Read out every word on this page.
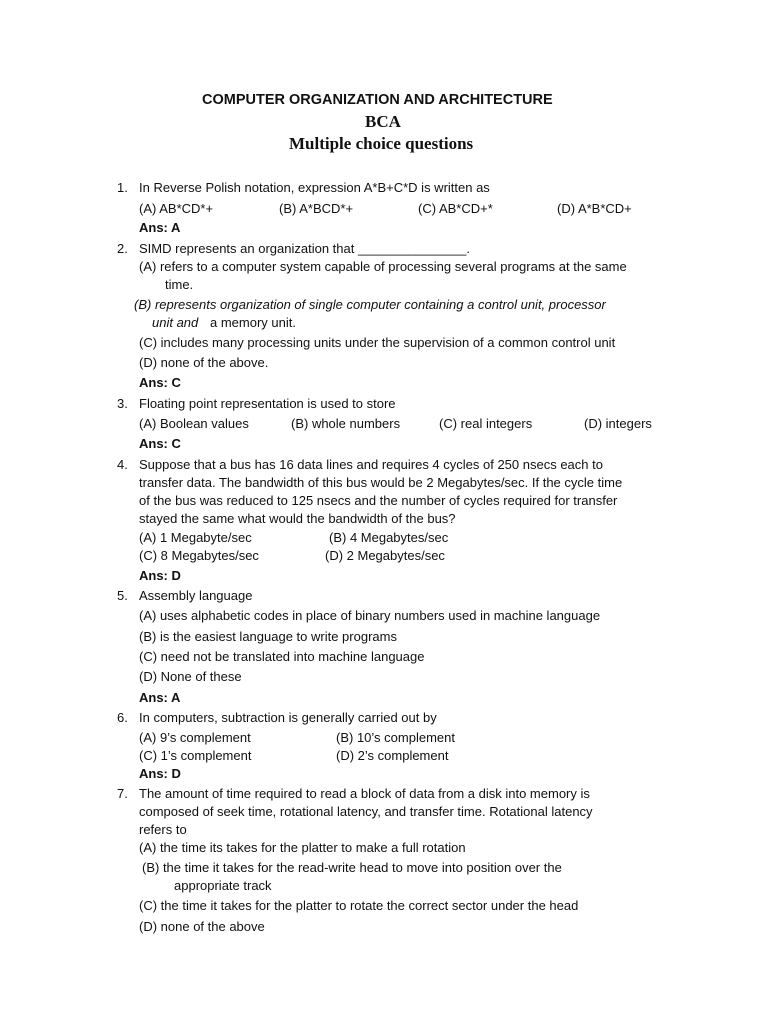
COMPUTER ORGANIZATION AND ARCHITECTURE
BCA
Multiple choice questions
1. In Reverse Polish notation, expression A*B+C*D is written as
(A) AB*CD*+	(B) A*BCD*+	(C) AB*CD+*	(D) A*B*CD+
Ans: A
2. SIMD represents an organization that _______________.
(A) refers to a computer system capable of processing several programs at the same
time.
(B) represents organization of single computer containing a control unit, processor
unit and a memory unit.
(C) includes many processing units under the supervision of a common control unit
(D) none of the above.
Ans: C
3. Floating point representation is used to store
(A) Boolean values	(B) whole numbers	(C) real integers	(D) integers
Ans: C
4. Suppose that a bus has 16 data lines and requires 4 cycles of 250 nsecs each to
transfer data. The bandwidth of this bus would be 2 Megabytes/sec. If the cycle time
of the bus was reduced to 125 nsecs and the number of cycles required for transfer
stayed the same what would the bandwidth of the bus?
(A) 1 Megabyte/sec	(B) 4 Megabytes/sec
(C) 8 Megabytes/sec	(D) 2 Megabytes/sec
Ans: D
5. Assembly language
(A) uses alphabetic codes in place of binary numbers used in machine language
(B) is the easiest language to write programs
(C) need not be translated into machine language
(D) None of these
Ans: A
6. In computers, subtraction is generally carried out by
(A) 9’s complement	(B) 10’s complement
(C) 1’s complement	(D) 2’s complement
Ans: D
7. The amount of time required to read a block of data from a disk into memory is
composed of seek time, rotational latency, and transfer time. Rotational latency
refers to
(A) the time its takes for the platter to make a full rotation
(B) the time it takes for the read-write head to move into position over the
appropriate track
(C) the time it takes for the platter to rotate the correct sector under the head
(D) none of the above
